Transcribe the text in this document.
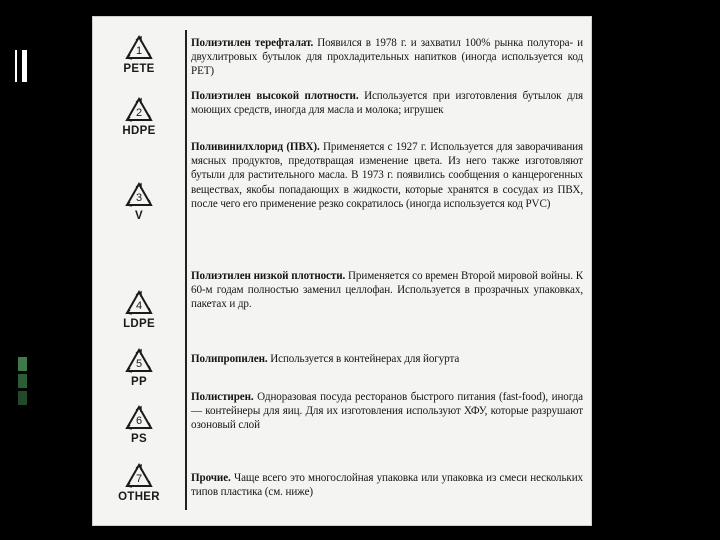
1
PETE
2
HDPE
3
V
4
LDPE
5
PP
6
PS
7
OTHER
Полиэтилен терефталат. Появился в 1978 г. и захватил 100% рынка полутора- и двухлитровых бутылок для прохладительных напитков (иногда используется код PET)
Полиэтилен высокой плотности. Используется при изготовления бутылок для моющих средств, иногда для масла и молока; игрушек
Поливинилхлорид (ПВХ). Применяется с 1927 г. Используется для заворачивания мясных продуктов, предотвращая изменение цвета. Из него также изготовляют бутыли для растительного масла. В 1973 г. появились сообщения о канцерогенных веществах, якобы попадающих в жидкости, которые хранятся в сосудах из ПВХ, после чего его применение резко сократилось (иногда используется код PVC)
Полиэтилен низкой плотности. Применяется со времен Второй мировой войны. К 60-м годам полностью заменил целлофан. Используется в прозрачных упаковках, пакетах и др.
Полипропилен. Используется в контейнерах для йогурта
Полистирен. Одноразовая посуда ресторанов быстрого питания (fast-food), иногда — контейнеры для яиц. Для их изготовления используют ХФУ, которые разрушают озоновый слой
Прочие. Чаще всего это многослойная упаковка или упаковка из смеси нескольких типов пластика (см. ниже)
